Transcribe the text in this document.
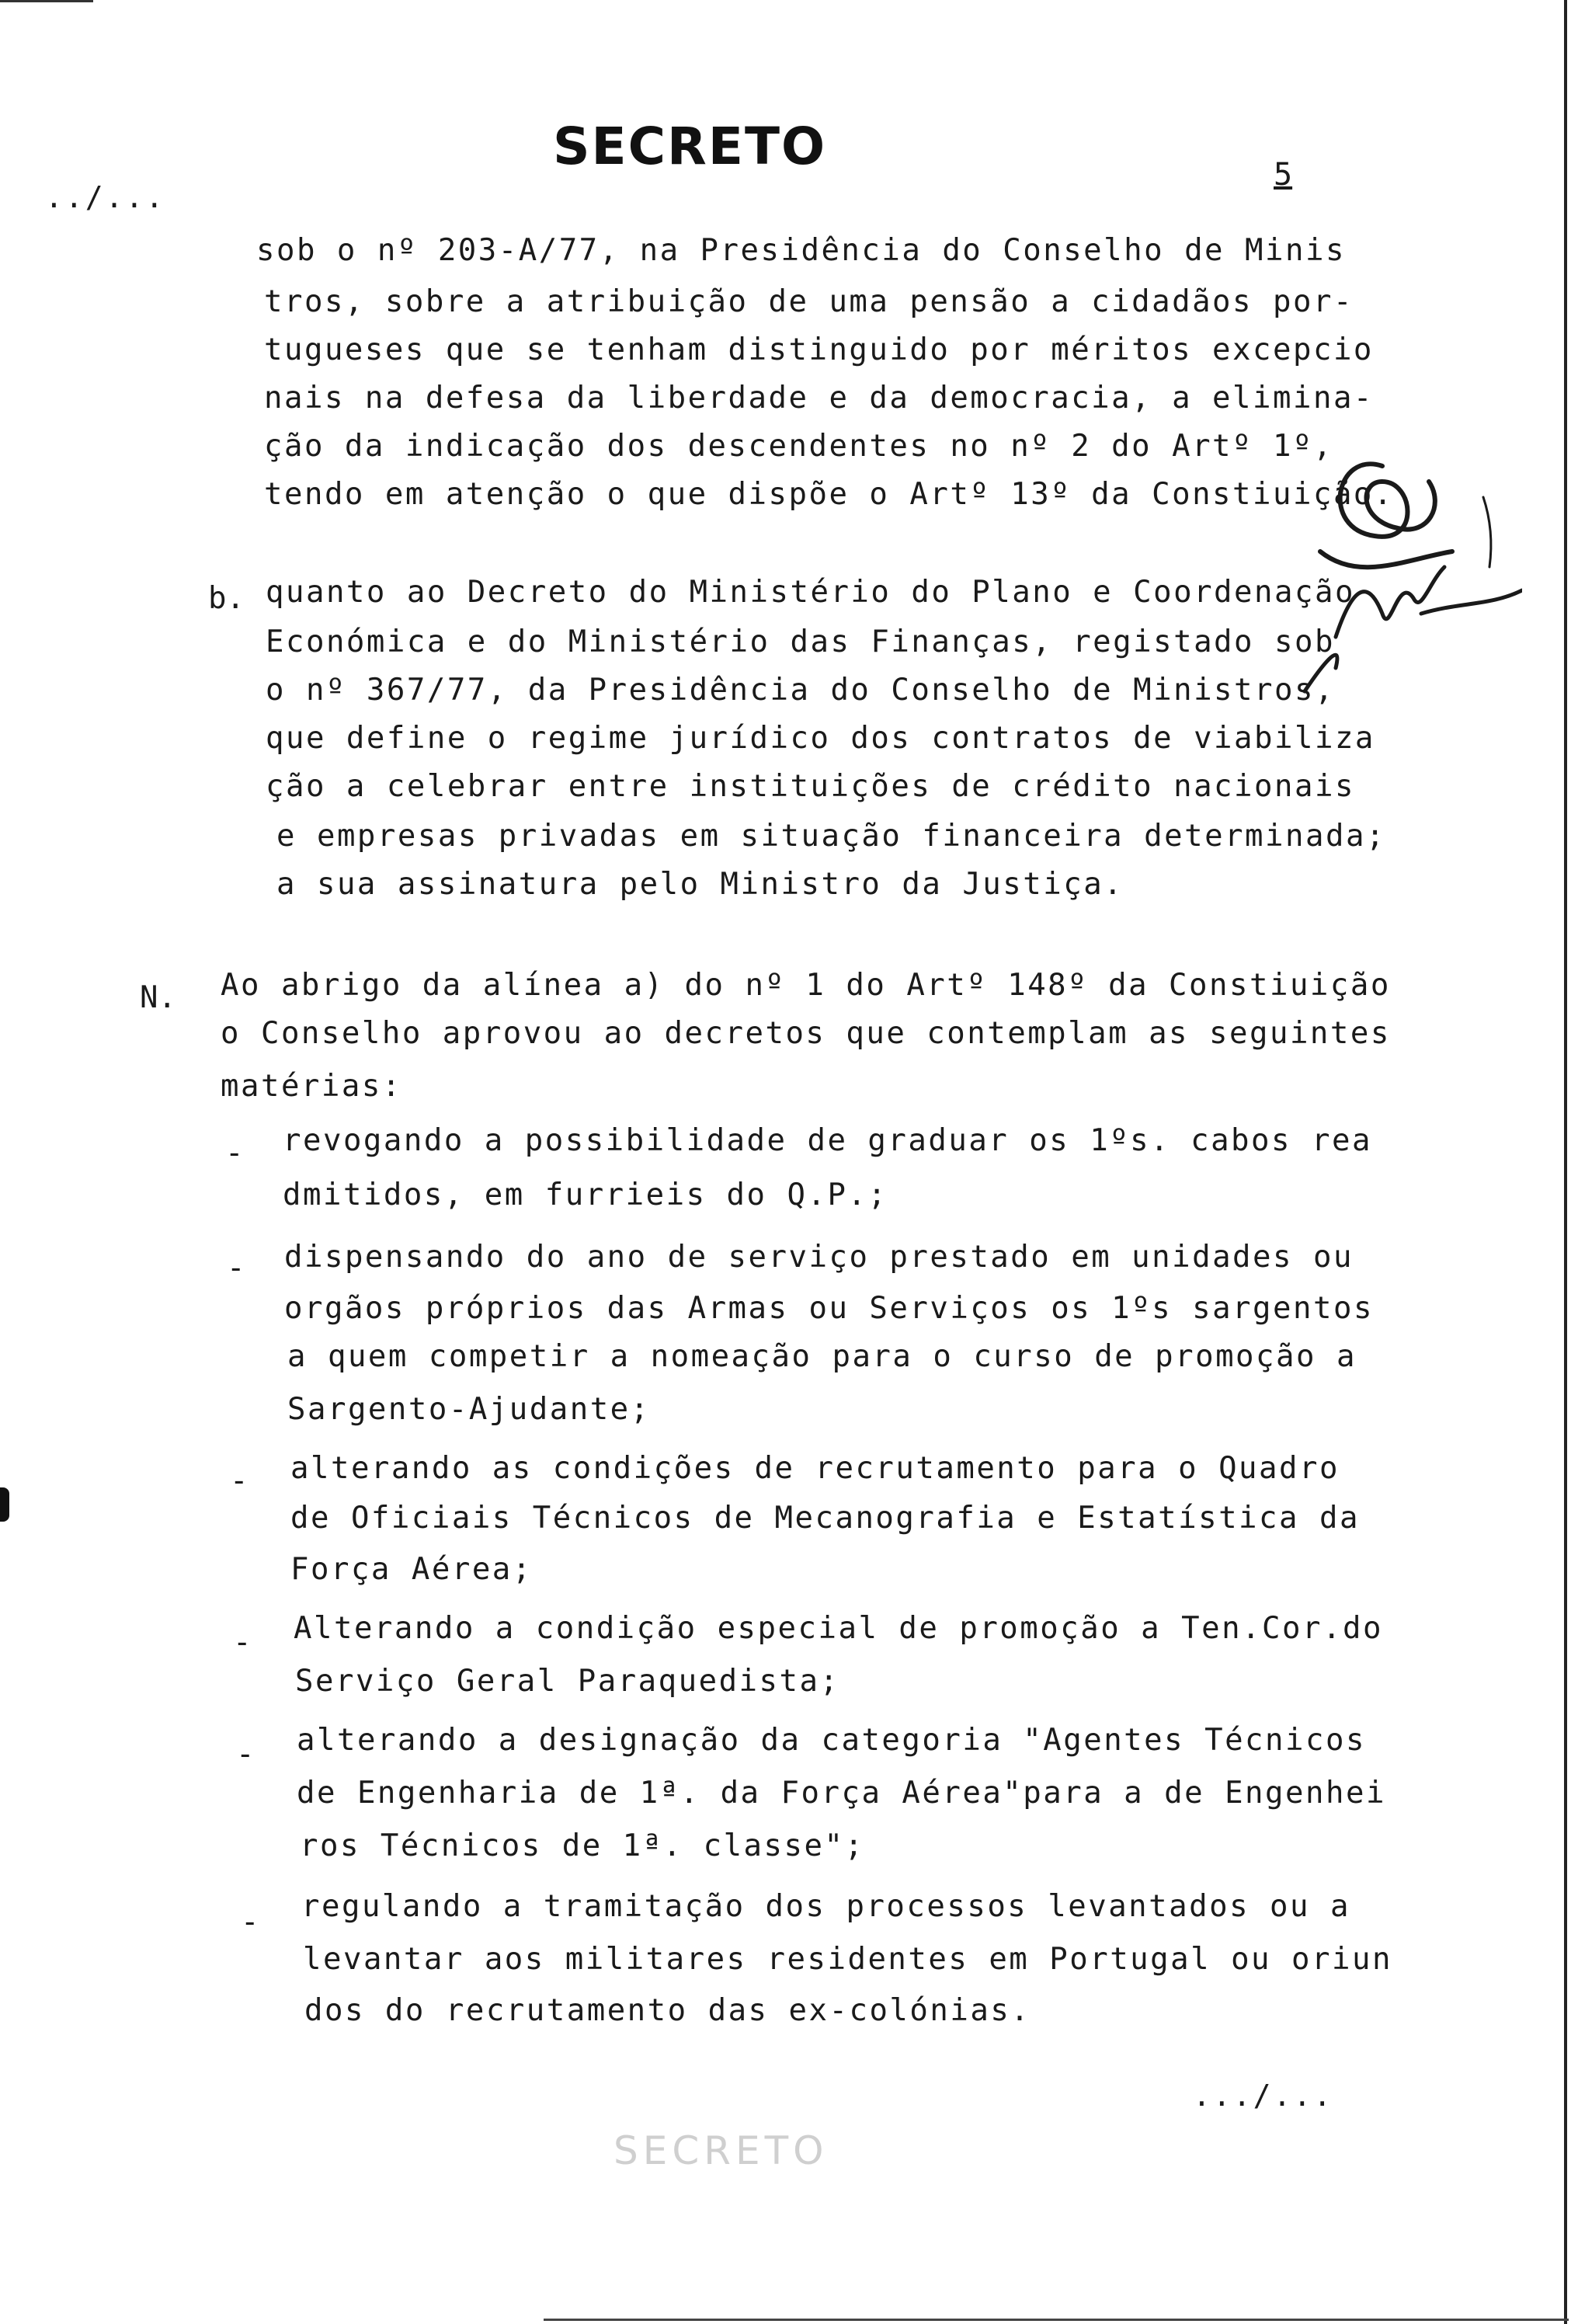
SECRETO
../...
5
sob o nº 203-A/77, na Presidência do Conselho de Minis
tros, sobre a atribuição de uma pensão a cidadãos por-
tugueses que se tenham distinguido por méritos excepcio
nais na defesa da liberdade e da democracia, a elimina-
ção da indicação dos descendentes no nº 2 do Artº 1º,
tendo em atenção o que dispõe o Artº 13º da Constiuição.
b. quanto ao Decreto do Ministério do Plano e Coordenação
Económica e do Ministério das Finanças, registado sob
o nº 367/77, da Presidência do Conselho de Ministros,
que define o regime jurídico dos contratos de viabiliza
ção a celebrar entre instituições de crédito nacionais
e empresas privadas em situação financeira determinada;
a sua assinatura pelo Ministro da Justiça.
N. Ao abrigo da alínea a) do nº 1 do Artº 148º da Constiuição
o Conselho aprovou ao decretos que contemplam as seguintes
matérias:
- revogando a possibilidade de graduar os 1ºs. cabos rea
dmitidos, em furrieis do Q.P.;
- dispensando do ano de serviço prestado em unidades ou
orgãos próprios das Armas ou Serviços os 1ºs sargentos
a quem competir a nomeação para o curso de promoção a
Sargento-Ajudante;
- alterando as condições de recrutamento para o Quadro
de Oficiais Técnicos de Mecanografia e Estatística da
Força Aérea;
- Alterando a condição especial de promoção a Ten.Cor.do
Serviço Geral Paraquedista;
- alterando a designação da categoria "Agentes Técnicos
de Engenharia de 1ª. da Força Aérea"para a de Engenhei
ros Técnicos de 1ª. classe";
- regulando a tramitação dos processos levantados ou a
levantar aos militares residentes em Portugal ou oriun
dos do recrutamento das ex-colónias.
.../...
SECRETO
